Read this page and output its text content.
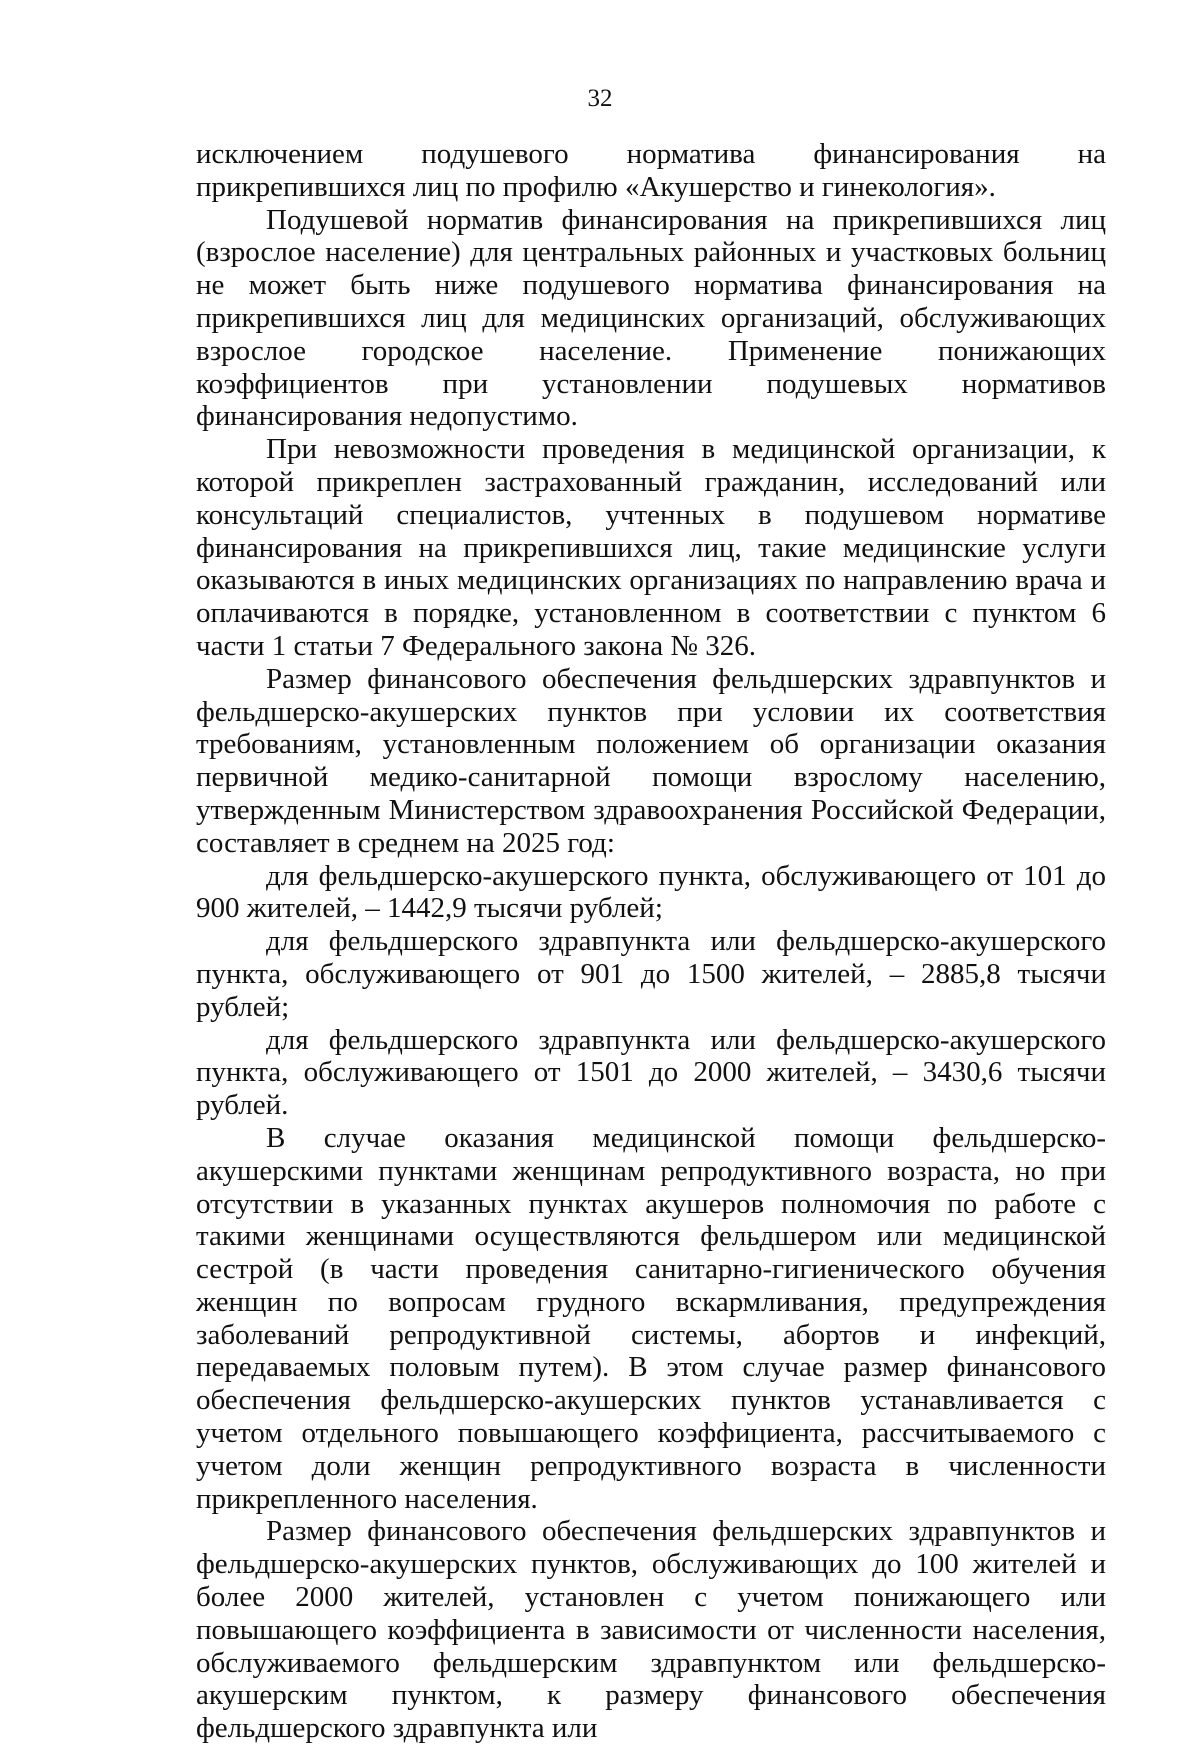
32

исключением подушевого норматива финансирования на прикрепившихся лиц по профилю «Акушерство и гинекология».

Подушевой норматив финансирования на прикрепившихся лиц (взрослое население) для центральных районных и участковых больниц не может быть ниже подушевого норматива финансирования на прикрепившихся лиц для медицинских организаций, обслуживающих взрослое городское население. Применение понижающих коэффициентов при установлении подушевых нормативов финансирования недопустимо.

При невозможности проведения в медицинской организации, к которой прикреплен застрахованный гражданин, исследований или консультаций специалистов, учтенных в подушевом нормативе финансирования на прикрепившихся лиц, такие медицинские услуги оказываются в иных медицинских организациях по направлению врача и оплачиваются в порядке, установленном в соответствии с пунктом 6 части 1 статьи 7 Федерального закона № 326.

Размер финансового обеспечения фельдшерских здравпунктов и фельдшерско-акушерских пунктов при условии их соответствия требованиям, установленным положением об организации оказания первичной медико-санитарной помощи взрослому населению, утвержденным Министерством здравоохранения Российской Федерации, составляет в среднем на 2025 год:

для фельдшерско-акушерского пункта, обслуживающего от 101 до 900 жителей, – 1442,9 тысячи рублей;

для фельдшерского здравпункта или фельдшерско-акушерского пункта, обслуживающего от 901 до 1500 жителей, – 2885,8 тысячи рублей;

для фельдшерского здравпункта или фельдшерско-акушерского пункта, обслуживающего от 1501 до 2000 жителей, – 3430,6 тысячи рублей.

В случае оказания медицинской помощи фельдшерско-акушерскими пунктами женщинам репродуктивного возраста, но при отсутствии в указанных пунктах акушеров полномочия по работе с такими женщинами осуществляются фельдшером или медицинской сестрой (в части проведения санитарно-гигиенического обучения женщин по вопросам грудного вскармливания, предупреждения заболеваний репродуктивной системы, абортов и инфекций, передаваемых половым путем). В этом случае размер финансового обеспечения фельдшерско-акушерских пунктов устанавливается с учетом отдельного повышающего коэффициента, рассчитываемого с учетом доли женщин репродуктивного возраста в численности прикрепленного населения.

Размер финансового обеспечения фельдшерских здравпунктов и фельдшерско-акушерских пунктов, обслуживающих до 100 жителей и более 2000 жителей, установлен с учетом понижающего или повышающего коэффициента в зависимости от численности населения, обслуживаемого фельдшерским здравпунктом или фельдшерско-акушерским пунктом, к размеру финансового обеспечения фельдшерского здравпункта или
